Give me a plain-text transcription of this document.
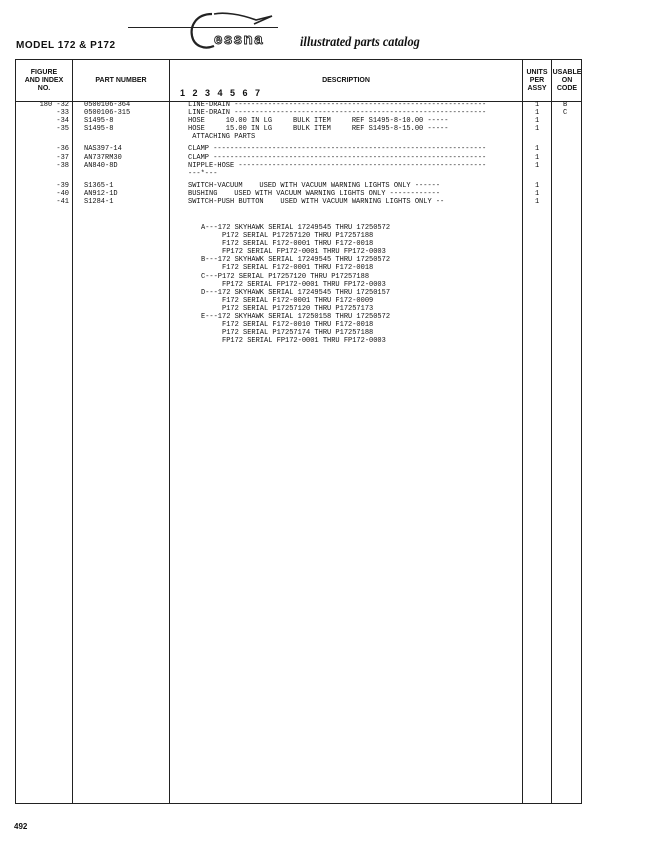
MODEL 172 & P172	essna	illustrated parts catalog
FIGURE AND INDEX NO.
PART NUMBER	DESCRIPTION
1 2 3 4 5 6 7
UNITS PER ASSY
USABLE ON CODE
180 -32 0500106-364	LINE-DRAIN ------------------------------------------------------------	1	B
-33 0500106-315	LINE-DRAIN ------------------------------------------------------------	1	C
-34 S1495-8	HOSE     10.00 IN LG     BULK ITEM     REF S1495-8-10.00 -----	1
-35 S1495-8	HOSE     15.00 IN LG     BULK ITEM     REF S1495-8-15.00 -----	1
ATTACHING PARTS
-36 NAS397-14	CLAMP -----------------------------------------------------------------	1
-37 AN737RM30	CLAMP -----------------------------------------------------------------	1
-38 AN840-8D	NIPPLE-HOSE -----------------------------------------------------------	1
---*---
-39 S1365-1	SWITCH-VACUUM    USED WITH VACUUM WARNING LIGHTS ONLY ------	1
-40 AN912-1D	BUSHING    USED WITH VACUUM WARNING LIGHTS ONLY ------------	1
-41 S1284-1	SWITCH-PUSH BUTTON    USED WITH VACUUM WARNING LIGHTS ONLY --	1
A---172 SKYHAWK SERIAL 17249545 THRU 17250572
P172 SERIAL P17257120 THRU P17257188
F172 SERIAL F172-0001 THRU F172-0018
FP172 SERIAL FP172-0001 THRU FP172-0003
B---172 SKYHAWK SERIAL 17249545 THRU 17250572
F172 SERIAL F172-0001 THRU F172-0018
C---P172 SERIAL P17257120 THRU P17257188
FP172 SERIAL FP172-0001 THRU FP172-0003
D---172 SKYHAWK SERIAL 17249545 THRU 17250157
F172 SERIAL F172-0001 THRU F172-0009
P172 SERIAL P17257120 THRU P17257173
E---172 SKYHAWK SERIAL 17250158 THRU 17250572
F172 SERIAL F172-0010 THRU F172-0018
P172 SERIAL P17257174 THRU P17257188
FP172 SERIAL FP172-0001 THRU FP172-0003
492
